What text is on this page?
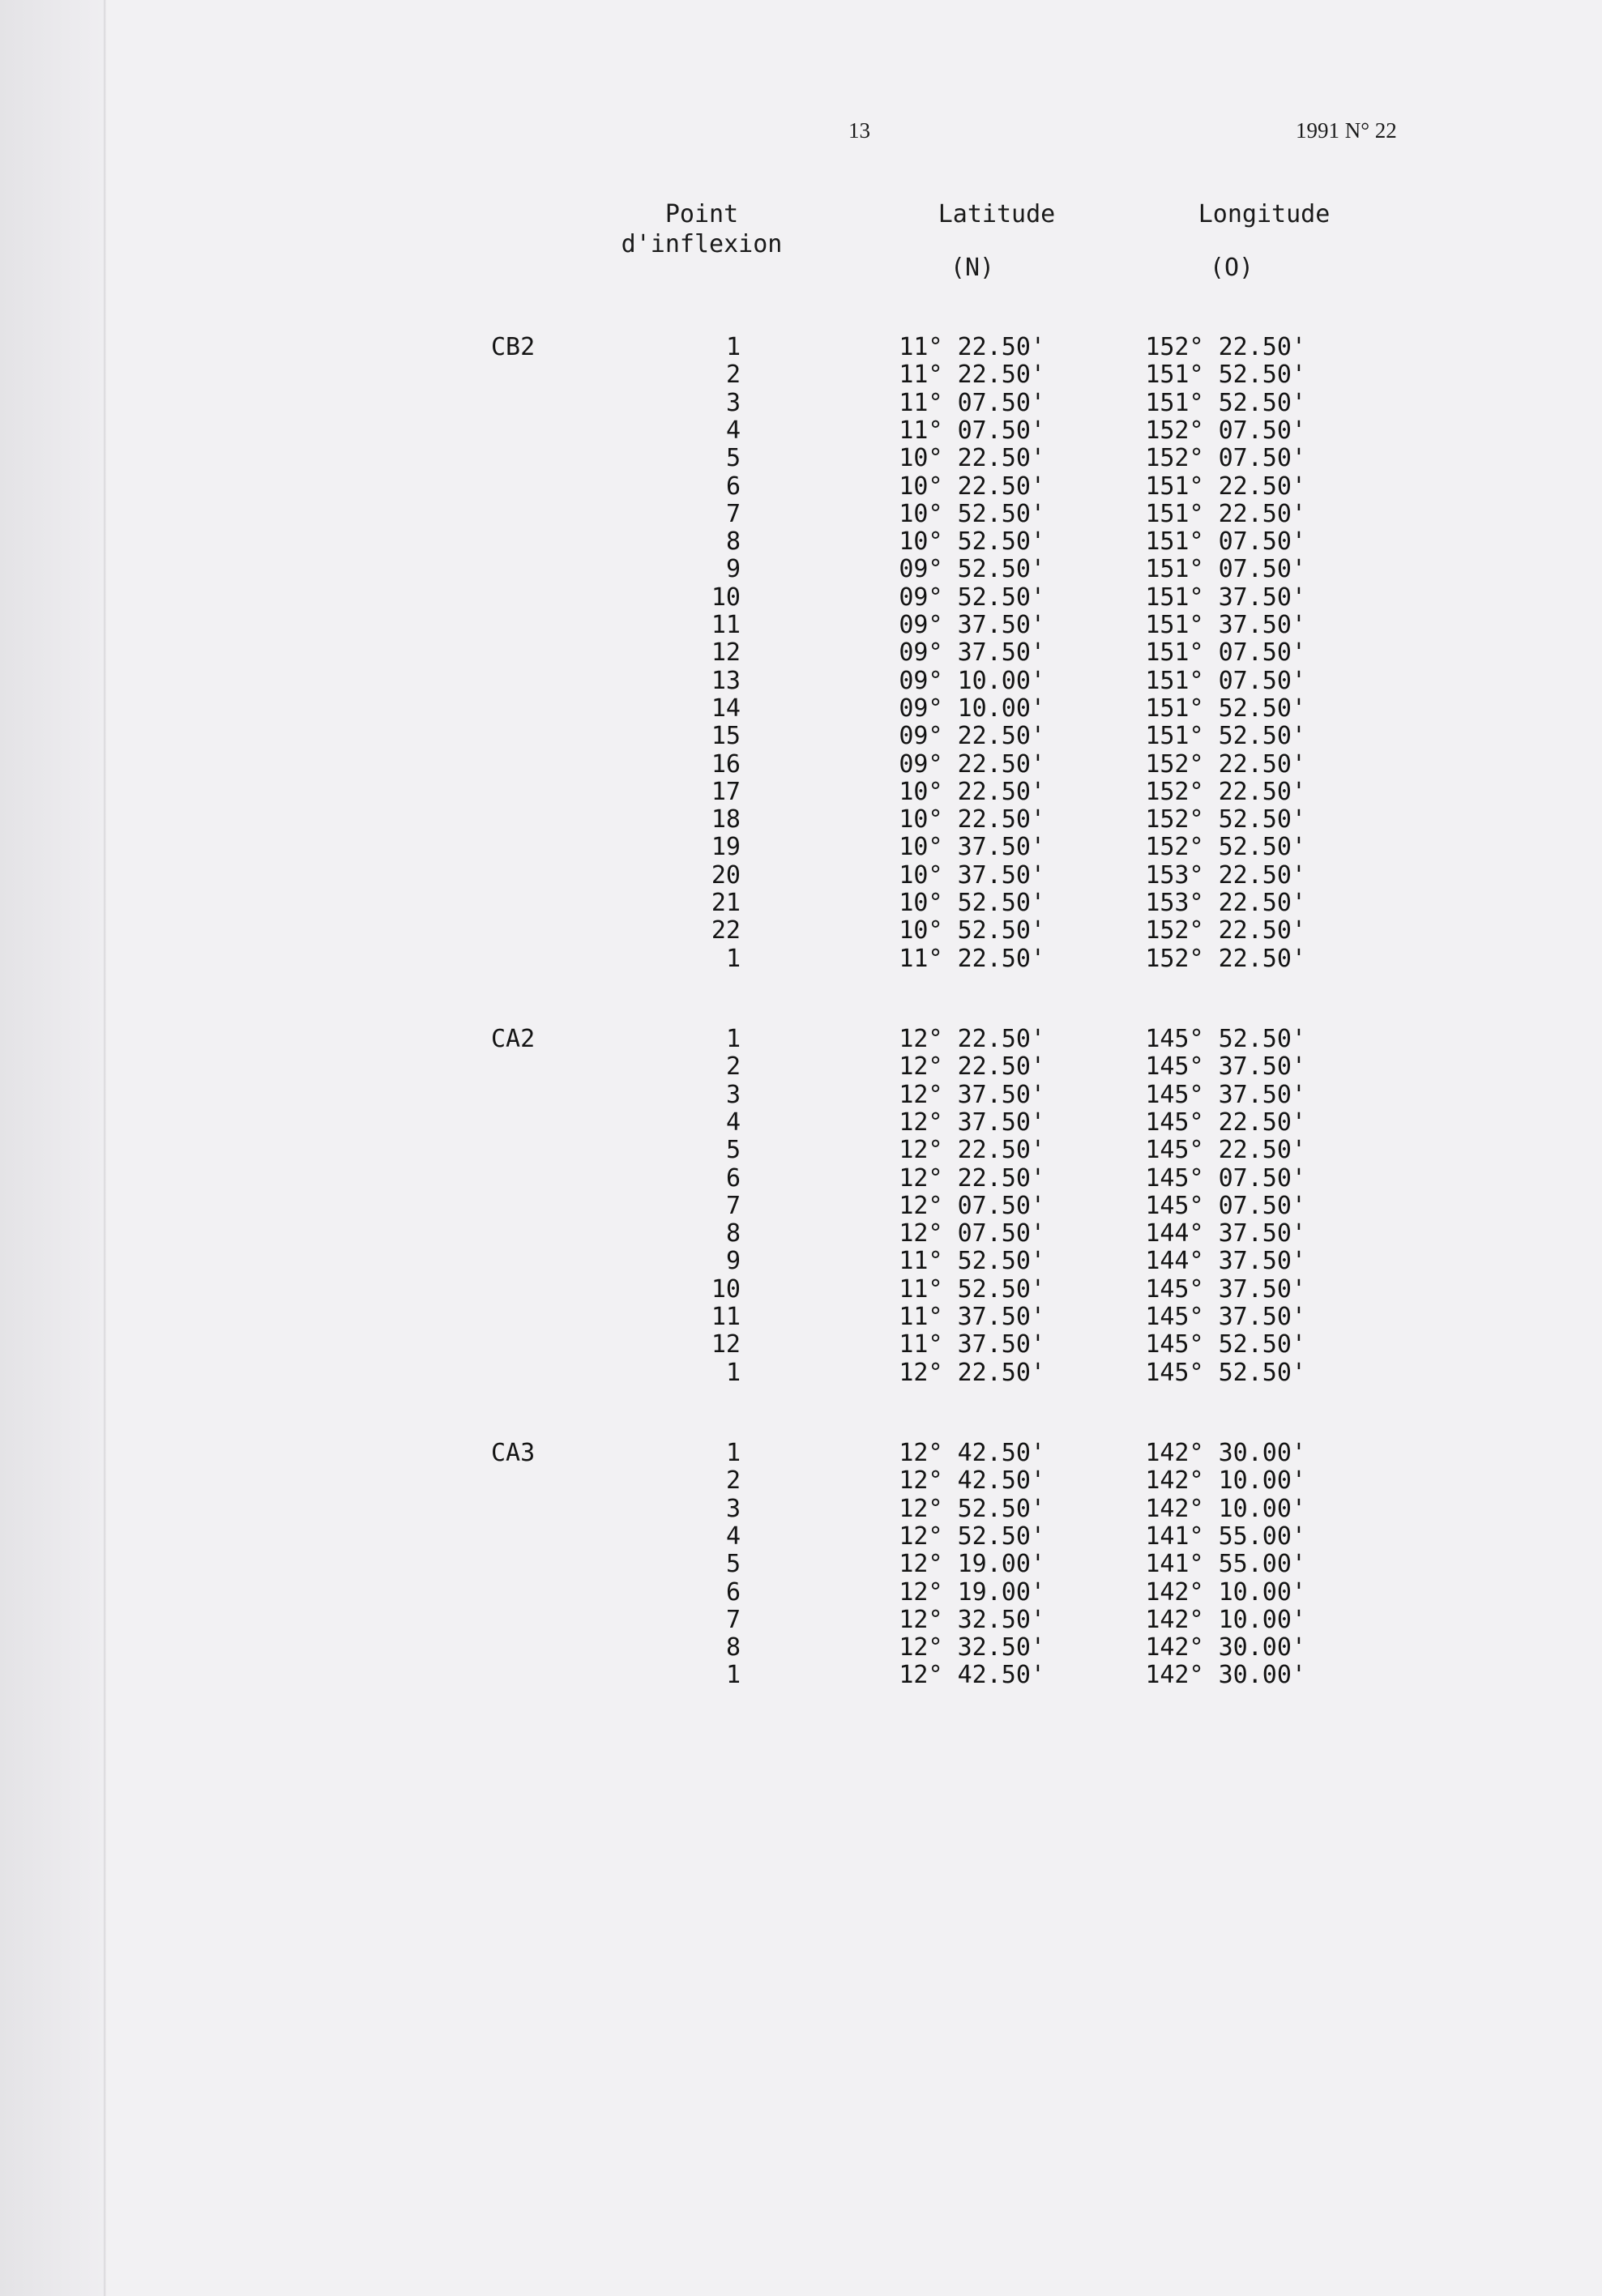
13	1991 N° 22
Point
d'inflexion
Latitude	Longitude
(N)	(O)
CB2	1	11° 22.50'	152° 22.50'
2	11° 22.50'	151° 52.50'
3	11° 07.50'	151° 52.50'
4	11° 07.50'	152° 07.50'
5	10° 22.50'	152° 07.50'
6	10° 22.50'	151° 22.50'
7	10° 52.50'	151° 22.50'
8	10° 52.50'	151° 07.50'
9	09° 52.50'	151° 07.50'
10	09° 52.50'	151° 37.50'
11	09° 37.50'	151° 37.50'
12	09° 37.50'	151° 07.50'
13	09° 10.00'	151° 07.50'
14	09° 10.00'	151° 52.50'
15	09° 22.50'	151° 52.50'
16	09° 22.50'	152° 22.50'
17	10° 22.50'	152° 22.50'
18	10° 22.50'	152° 52.50'
19	10° 37.50'	152° 52.50'
20	10° 37.50'	153° 22.50'
21	10° 52.50'	153° 22.50'
22	10° 52.50'	152° 22.50'
1	11° 22.50'	152° 22.50'
CA2	1	12° 22.50'	145° 52.50'
2	12° 22.50'	145° 37.50'
3	12° 37.50'	145° 37.50'
4	12° 37.50'	145° 22.50'
5	12° 22.50'	145° 22.50'
6	12° 22.50'	145° 07.50'
7	12° 07.50'	145° 07.50'
8	12° 07.50'	144° 37.50'
9	11° 52.50'	144° 37.50'
10	11° 52.50'	145° 37.50'
11	11° 37.50'	145° 37.50'
12	11° 37.50'	145° 52.50'
1	12° 22.50'	145° 52.50'
CA3	1	12° 42.50'	142° 30.00'
2	12° 42.50'	142° 10.00'
3	12° 52.50'	142° 10.00'
4	12° 52.50'	141° 55.00'
5	12° 19.00'	141° 55.00'
6	12° 19.00'	142° 10.00'
7	12° 32.50'	142° 10.00'
8	12° 32.50'	142° 30.00'
1	12° 42.50'	142° 30.00'
